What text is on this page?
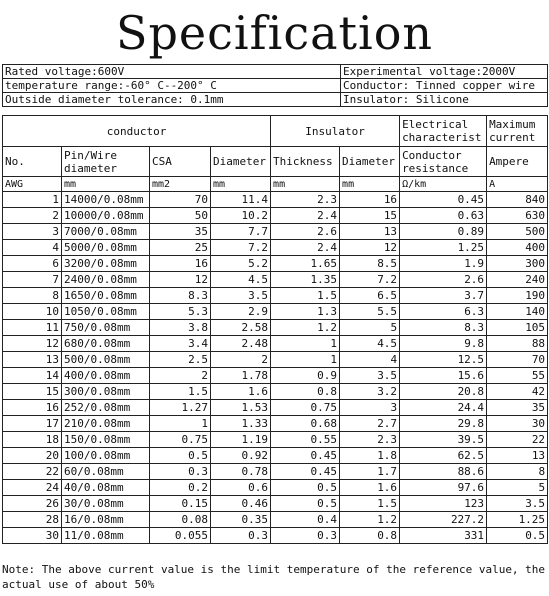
Specification
Rated voltage:600V	Experimental voltage:2000V
temperature range:-60° C--200° C	Conductor: Tinned copper wire
Outside diameter tolerance: 0.1mm	Insulator: Silicone
conductor				Insulator		Electrical characterist	Maximum current
No.	Pin/Wire diameter	CSA	Diameter	Thickness	Diameter	Conductor resistance	Ampere
AWG	mm	mm2	mm	mm	mm	Ω/km	A
1	14000/0.08mm	70	11.4	2.3	16	0.45	840
2	10000/0.08mm	50	10.2	2.4	15	0.63	630
3	7000/0.08mm	35	7.7	2.6	13	0.89	500
4	5000/0.08mm	25	7.2	2.4	12	1.25	400
6	3200/0.08mm	16	5.2	1.65	8.5	1.9	300
7	2400/0.08mm	12	4.5	1.35	7.2	2.6	240
8	1650/0.08mm	8.3	3.5	1.5	6.5	3.7	190
10	1050/0.08mm	5.3	2.9	1.3	5.5	6.3	140
11	750/0.08mm	3.8	2.58	1.2	5	8.3	105
12	680/0.08mm	3.4	2.48	1	4.5	9.8	88
13	500/0.08mm	2.5	2	1	4	12.5	70
14	400/0.08mm	2	1.78	0.9	3.5	15.6	55
15	300/0.08mm	1.5	1.6	0.8	3.2	20.8	42
16	252/0.08mm	1.27	1.53	0.75	3	24.4	35
17	210/0.08mm	1	1.33	0.68	2.7	29.8	30
18	150/0.08mm	0.75	1.19	0.55	2.3	39.5	22
20	100/0.08mm	0.5	0.92	0.45	1.8	62.5	13
22	60/0.08mm	0.3	0.78	0.45	1.7	88.6	8
24	40/0.08mm	0.2	0.6	0.5	1.6	97.6	5
26	30/0.08mm	0.15	0.46	0.5	1.5	123	3.5
28	16/0.08mm	0.08	0.35	0.4	1.2	227.2	1.25
30	11/0.08mm	0.055	0.3	0.3	0.8	331	0.5
Note: The above current value is the limit temperature of the reference value, the actual use of about 50%
